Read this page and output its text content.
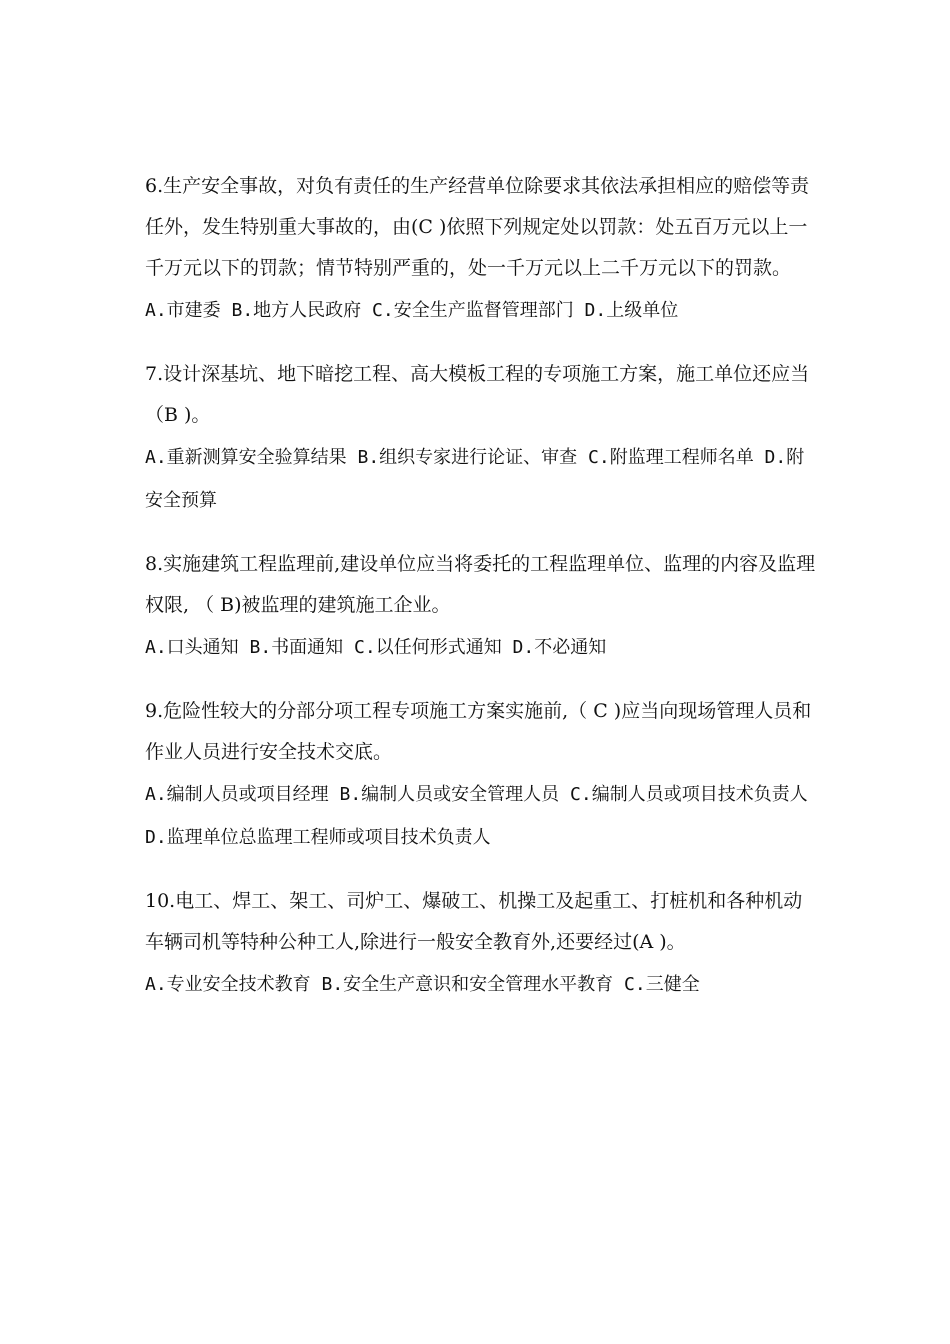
6.生产安全事故，对负有责任的生产经营单位除要求其依法承担相应的赔偿等责任外，发生特别重大事故的，由(C )依照下列规定处以罚款：处五百万元以上一千万元以下的罚款；情节特别严重的，处一千万元以上二千万元以下的罚款。

A.市建委 B.地方人民政府 C.安全生产监督管理部门 D.上级单位

7.设计深基坑、地下暗挖工程、高大模板工程的专项施工方案，施工单位还应当（B )。

A.重新测算安全验算结果 B.组织专家进行论证、审查 C.附监理工程师名单 D.附安全预算

8.实施建筑工程监理前,建设单位应当将委托的工程监理单位、监理的内容及监理权限, （ B)被监理的建筑施工企业。

A.口头通知 B.书面通知 C.以任何形式通知 D.不必通知

9.危险性较大的分部分项工程专项施工方案实施前,（ C )应当向现场管理人员和作业人员进行安全技术交底。

A.编制人员或项目经理 B.编制人员或安全管理人员 C.编制人员或项目技术负责人 D.监理单位总监理工程师或项目技术负责人

10.电工、焊工、架工、司炉工、爆破工、机操工及起重工、打桩机和各种机动车辆司机等特种公种工人,除进行一般安全教育外,还要经过(A )。

A.专业安全技术教育 B.安全生产意识和安全管理水平教育 C.三健全
